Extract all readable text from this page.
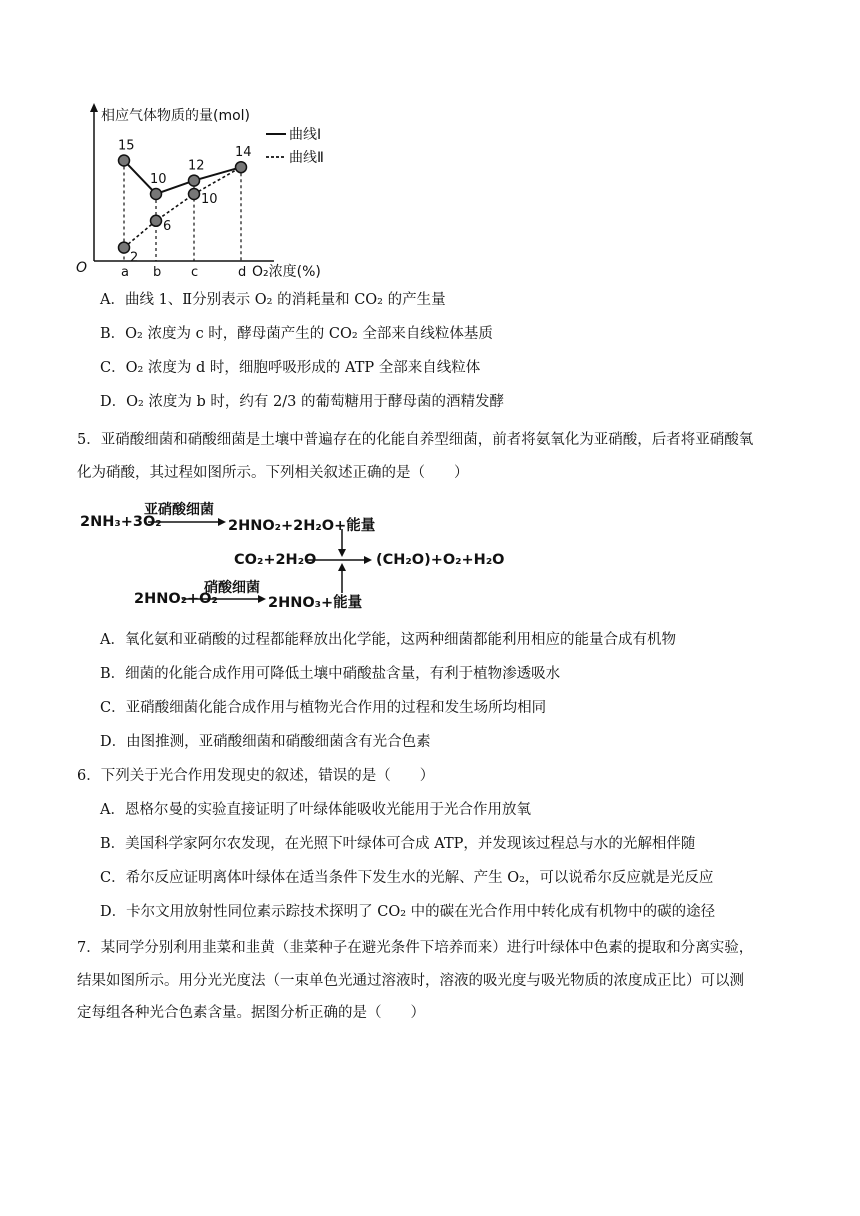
相应气体物质的量(mol)
O	O₂浓度(%)
a b c	d
15
10
12
14
2
6
10
曲线Ⅰ
曲线Ⅱ
A．曲线 1、Ⅱ分别表示 O₂ 的消耗量和 CO₂ 的产生量
B．O₂ 浓度为 c 时，酵母菌产生的 CO₂ 全部来自线粒体基质
C．O₂ 浓度为 d 时，细胞呼吸形成的 ATP 全部来自线粒体
D．O₂ 浓度为 b 时，约有 2/3 的葡萄糖用于酵母菌的酒精发酵
5．亚硝酸细菌和硝酸细菌是土壤中普遍存在的化能自养型细菌，前者将氨氧化为亚硝酸，后者将亚硝酸氧
化为硝酸，其过程如图所示。下列相关叙述正确的是（　　）
2NH₃+3O₂
亚硝酸细菌
2HNO₂+2H₂O+能量
CO₂+2H₂O	(CH₂O)+O₂+H₂O
硝酸细菌
2HNO₂+O₂	2HNO₃+能量
A．氧化氨和亚硝酸的过程都能释放出化学能，这两种细菌都能利用相应的能量合成有机物
B．细菌的化能合成作用可降低土壤中硝酸盐含量，有利于植物渗透吸水
C．亚硝酸细菌化能合成作用与植物光合作用的过程和发生场所均相同
D．由图推测，亚硝酸细菌和硝酸细菌含有光合色素
6．下列关于光合作用发现史的叙述，错误的是（　　）
A．恩格尔曼的实验直接证明了叶绿体能吸收光能用于光合作用放氧
B．美国科学家阿尔农发现，在光照下叶绿体可合成 ATP，并发现该过程总与水的光解相伴随
C．希尔反应证明离体叶绿体在适当条件下发生水的光解、产生 O₂，可以说希尔反应就是光反应
D．卡尔文用放射性同位素示踪技术探明了 CO₂ 中的碳在光合作用中转化成有机物中的碳的途径
7．某同学分别利用韭菜和韭黄（韭菜种子在避光条件下培养而来）进行叶绿体中色素的提取和分离实验，
结果如图所示。用分光光度法（一束单色光通过溶液时，溶液的吸光度与吸光物质的浓度成正比）可以测
定每组各种光合色素含量。据图分析正确的是（　　）
